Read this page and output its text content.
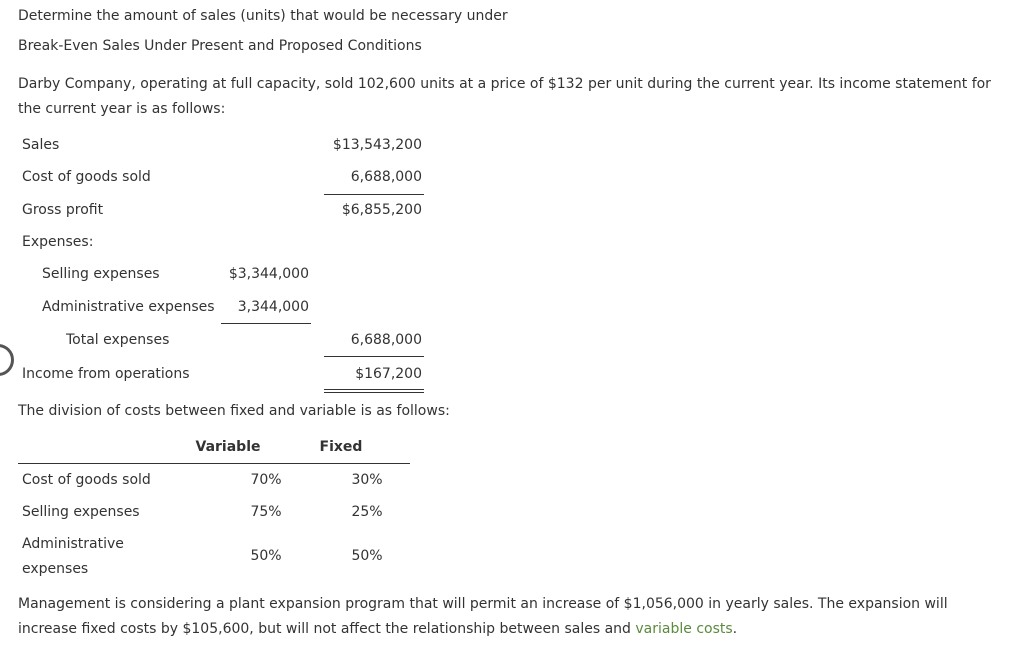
Determine the amount of sales (units) that would be necessary under
Break-Even Sales Under Present and Proposed Conditions
Darby Company, operating at full capacity, sold 102,600 units at a price of $132 per unit during the current year. Its income statement for
the current year is as follows:
Sales	$13,543,200
Cost of goods sold	6,688,000
Gross profit	$6,855,200
Expenses:
Selling expenses	$3,344,000
Administrative expenses	3,344,000
Total expenses	6,688,000
Income from operations	$167,200
The division of costs between fixed and variable is as follows:
Variable	Fixed
Cost of goods sold	70%	30%
Selling expenses	75%	25%
Administrative
expenses
50%	50%
Management is considering a plant expansion program that will permit an increase of $1,056,000 in yearly sales. The expansion will
increase fixed costs by $105,600, but will not affect the relationship between sales and variable costs.
